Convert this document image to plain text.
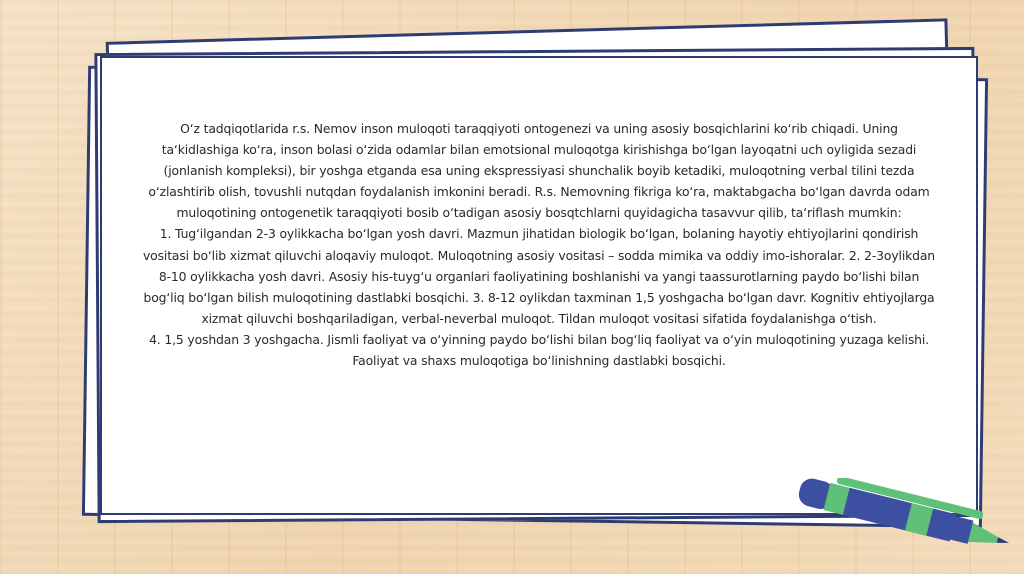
O‘z tadqiqotlarida r.s. Nemov inson muloqoti taraqqiyoti ontogenezi va uning asosiy bosqichlarini ko‘rib chiqadi. Uning ta‘kidlashiga ko‘ra, inson bolasi o‘zida odamlar bilan emotsional muloqotga kirishishga bo‘lgan layoqatni uch oyligida sezadi (jonlanish kompleksi), bir yoshga etganda esa uning ekspressiyasi shunchalik boyib ketadiki, muloqotning verbal tilini tezda o‘zlashtirib olish, tovushli nutqdan foydalanish imkonini beradi. R.s. Nemovning fikriga ko‘ra, maktabgacha bo‘lgan davrda odam muloqotining ontogenetik taraqqiyoti bosib o‘tadigan asosiy bosqtchlarni quyidagicha tasavvur qilib, ta‘riflash mumkin:

1. Tug‘ilgandan 2-3 oylikkacha bo‘lgan yosh davri. Mazmun jihatidan biologik bo‘lgan, bolaning hayotiy ehtiyojlarini qondirish vositasi bo‘lib xizmat qiluvchi aloqaviy muloqot. Muloqotning asosiy vositasi – sodda mimika va oddiy imo-ishoralar. 2. 2-3oylikdan 8-10 oylikkacha yosh davri. Asosiy his-tuyg‘u organlari faoliyatining boshlanishi va yangi taassurotlarning paydo bo‘lishi bilan bog‘liq bo‘lgan bilish muloqotining dastlabki bosqichi. 3. 8-12 oylikdan taxminan 1,5 yoshgacha bo‘lgan davr. Kognitiv ehtiyojlarga xizmat qiluvchi boshqariladigan, verbal-neverbal muloqot. Tildan muloqot vositasi sifatida foydalanishga o‘tish.

4. 1,5 yoshdan 3 yoshgacha. Jismli faoliyat va o‘yinning paydo bo‘lishi bilan bog‘liq faoliyat va o‘yin muloqotining yuzaga kelishi. Faoliyat va shaxs muloqotiga bo‘linishning dastlabki bosqichi.
